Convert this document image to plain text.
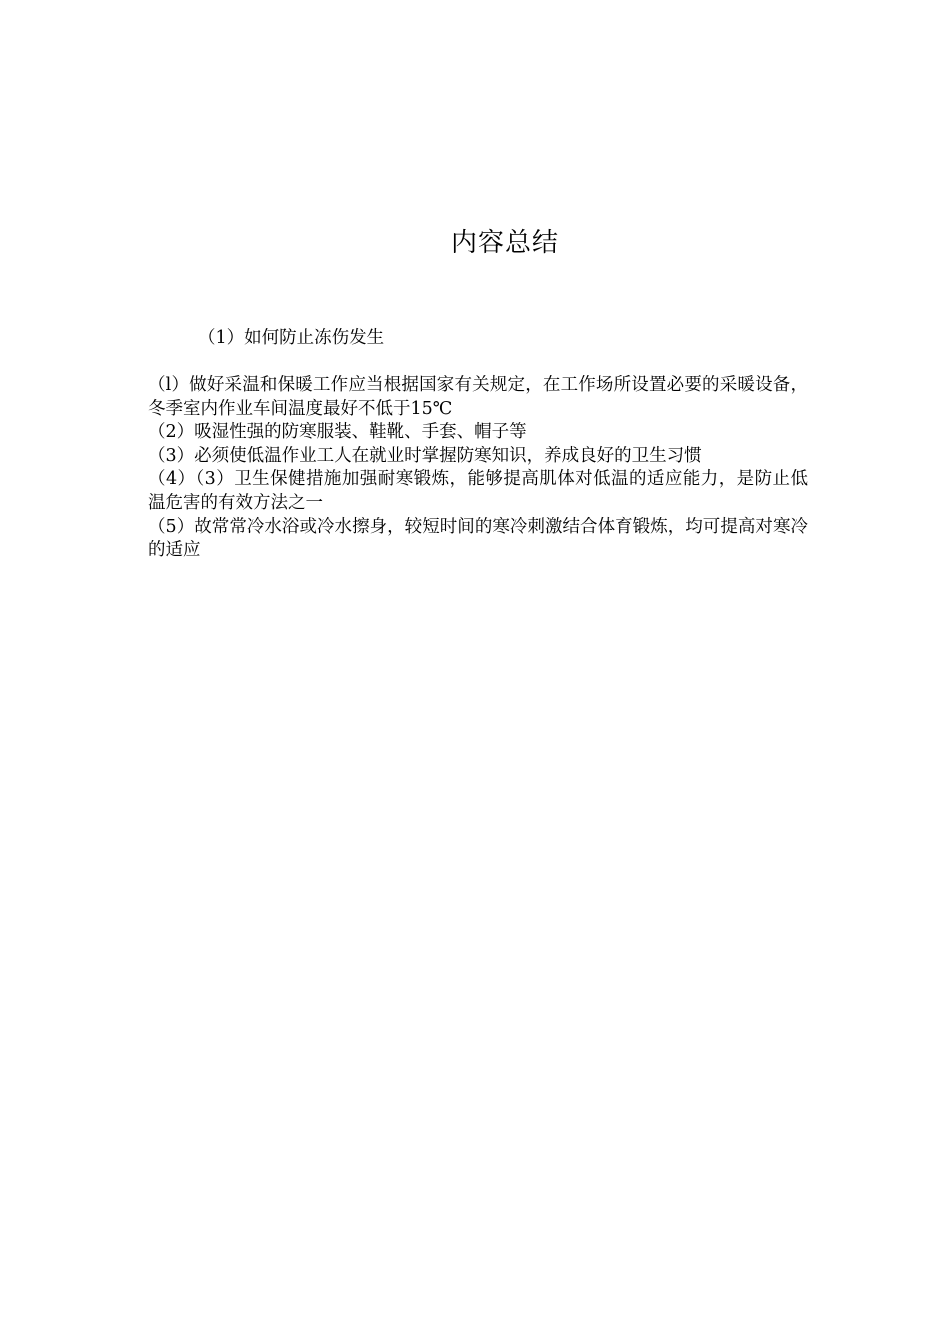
内容总结
（1）如何防止冻伤发生

（l）做好采温和保暖工作应当根据国家有关规定，在工作场所设置必要的采暖设备，冬季室内作业车间温度最好不低于15℃

（2）吸湿性强的防寒服装、鞋靴、手套、帽子等

（3）必须使低温作业工人在就业时掌握防寒知识，养成良好的卫生习惯

（4）（3）卫生保健措施加强耐寒锻炼，能够提高肌体对低温的适应能力，是防止低温危害的有效方法之一

（5）故常常冷水浴或冷水擦身，较短时间的寒冷刺激结合体育锻炼，均可提高对寒冷的适应
